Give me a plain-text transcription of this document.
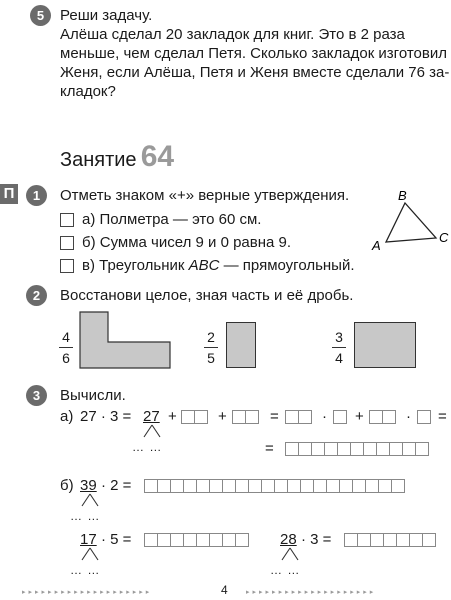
5 Реши задачу.
Алёша сделал 20 закладок для книг. Это в 2 раза
меньше, чем сделал Петя. Сколько закладок изготовил
Женя, если Алёша, Петя и Женя вместе сделали 76 за-
кладок?
Занятие 64
П 1 Отметь знаком «+» верные утверждения.
а) Полметра — это 60 см.
б) Сумма чисел 9 и 0 равна 9.
в) Треугольник ABC — прямоугольный.
B
A
C
2 Восстанови целое, зная часть и её дробь.
4
6
2
5
3
4
3 Вычисли.
а) 27 · 3 = 27 +	+	=	· +	· =
… …	=
б) 39 · 2 =
… …
17 · 5 =
… …
28 · 3 =
… …
▸▸▸▸▸▸▸▸▸▸▸▸▸▸▸▸▸▸▸▸	4	▸▸▸▸▸▸▸▸▸▸▸▸▸▸▸▸▸▸▸▸
